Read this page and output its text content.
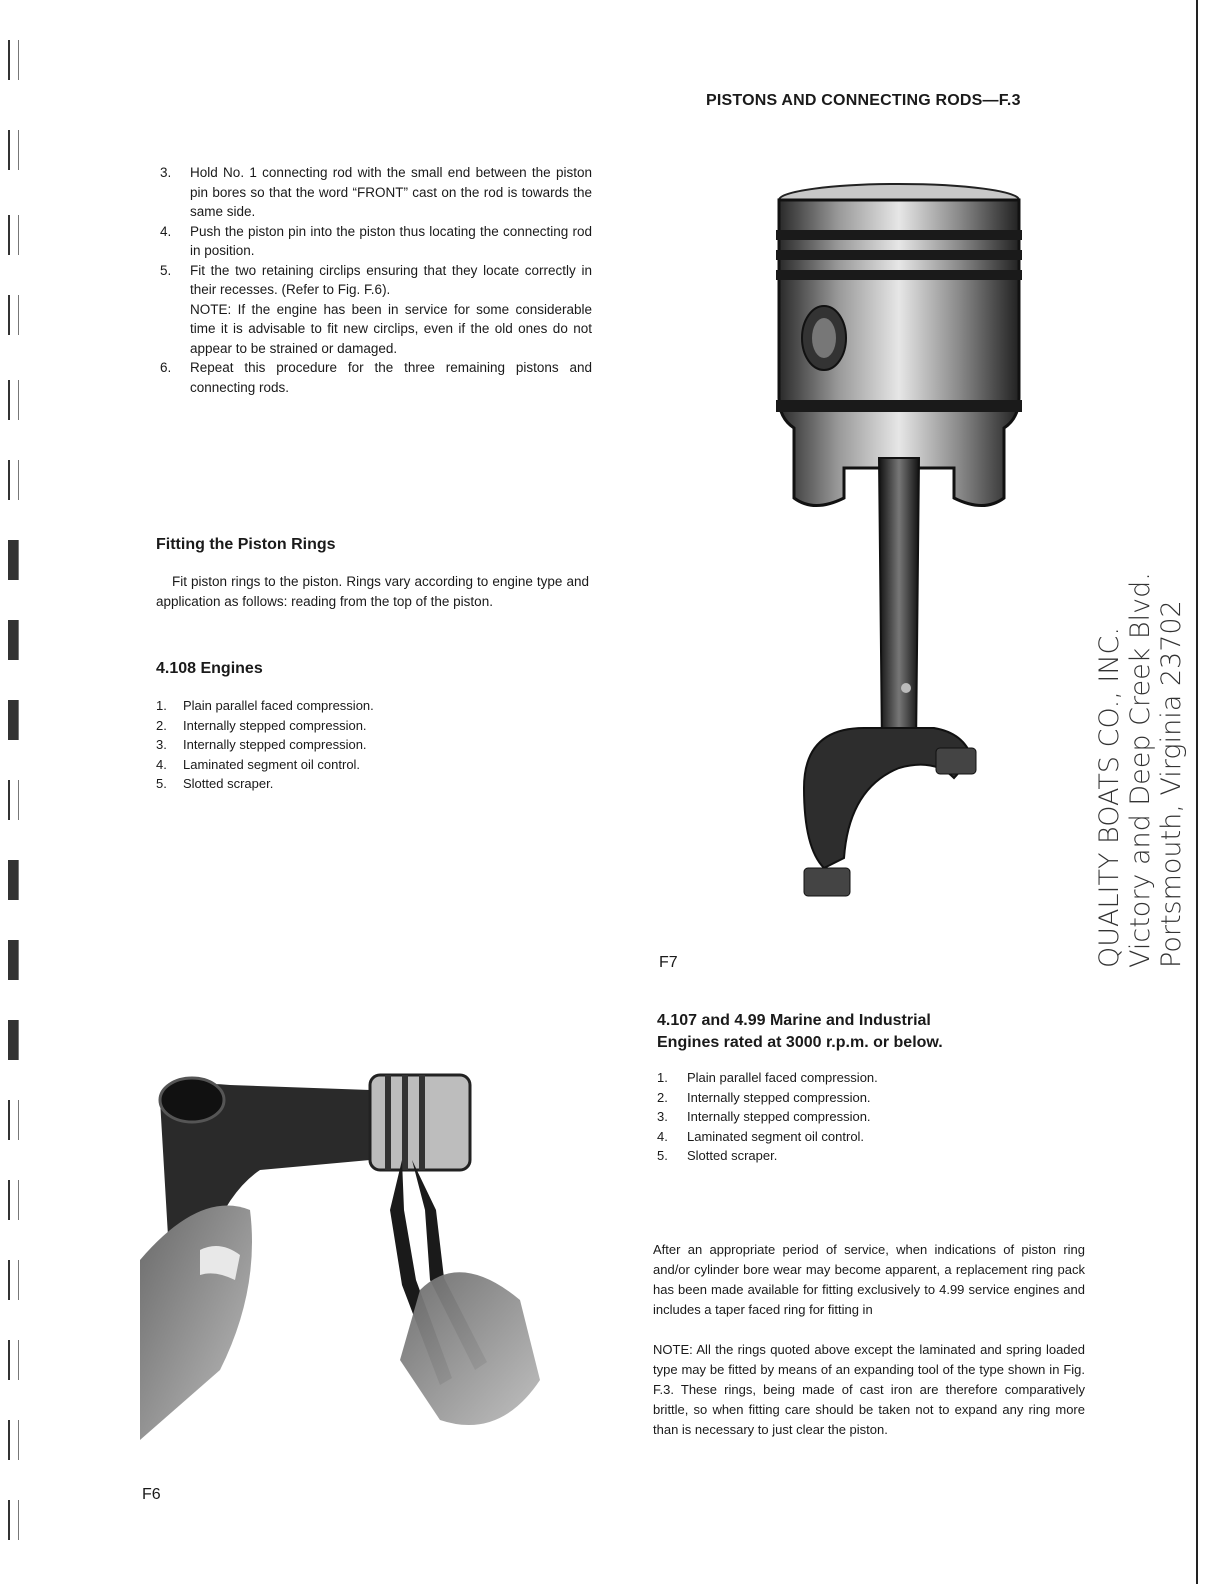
PISTONS AND CONNECTING RODS—F.3
3. Hold No. 1 connecting rod with the small end between the piston pin bores so that the word “FRONT” cast on the rod is towards the same side.
4. Push the piston pin into the piston thus locating the connecting rod in position.
5. Fit the two retaining circlips ensuring that they locate correctly in their recesses. (Refer to Fig. F.6).
NOTE: If the engine has been in service for some considerable time it is advisable to fit new circlips, even if the old ones do not appear to be strained or damaged.
6. Repeat this procedure for the three remaining pistons and connecting rods.
Fitting the Piston Rings

Fit piston rings to the piston. Rings vary according to engine type and application as follows: reading from the top of the piston.

4.108 Engines
1. Plain parallel faced compression.
2. Internally stepped compression.
3. Internally stepped compression.
4. Laminated segment oil control.
5. Slotted scraper.
F7	QUALITY BOATS CO., INC. Victory and Deep Creek Blvd. Portsmouth, Virginia 23702
4.107 and 4.99 Marine and Industrial
Engines rated at 3000 r.p.m. or below.
1. Plain parallel faced compression.
2. Internally stepped compression.
3. Internally stepped compression.
4. Laminated segment oil control.
5. Slotted scraper.
F6

After an appropriate period of service, when indications of piston ring and/or cylinder bore wear may become apparent, a replacement ring pack has been made available for fitting exclusively to 4.99 service engines and includes a taper faced ring for fitting in

NOTE: All the rings quoted above except the laminated and spring loaded type may be fitted by means of an expanding tool of the type shown in Fig. F.3. These rings, being made of cast iron are therefore comparatively brittle, so when fitting care should be taken not to expand any ring more than is necessary to just clear the piston.
